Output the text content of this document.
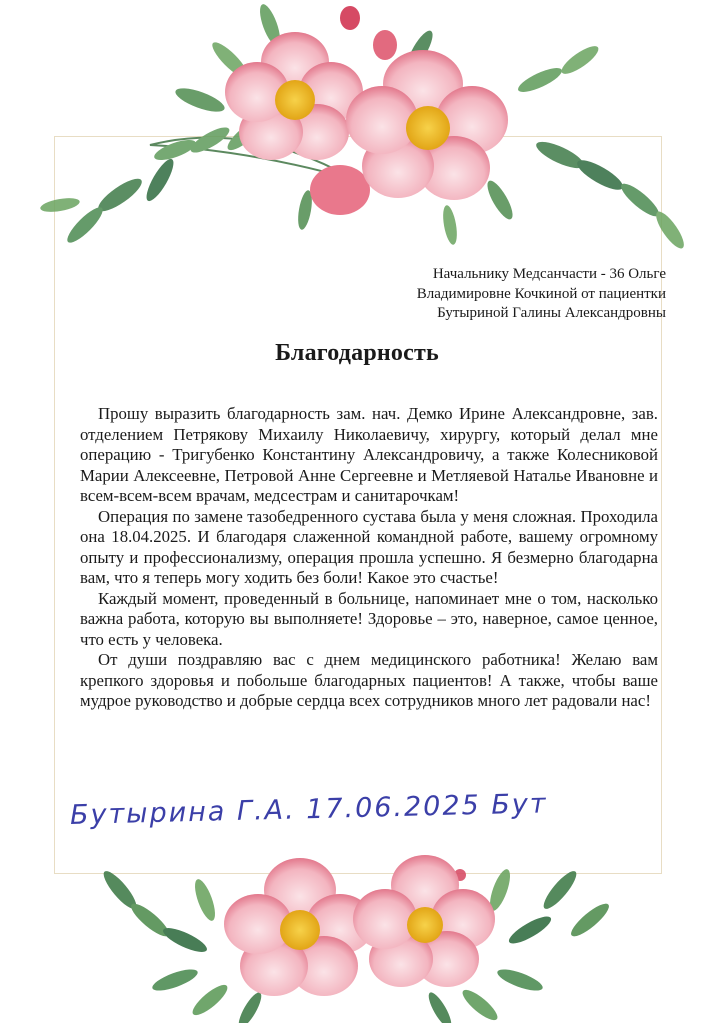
Начальнику Медсанчасти - 36 Ольге
Владимировне Кочкиной от пациентки
Бутыриной Галины Александровны
Благодарность

Прошу выразить благодарность зам. нач. Демко Ирине Александровне, зав. отделением Петрякову Михаилу Николаевичу, хирургу, который делал мне операцию - Тригубенко Константину Александровичу, а также Колесниковой Марии Алексеевне, Петровой Анне Сергеевне и Метляевой Наталье Ивановне и всем-всем-всем врачам, медсестрам и санитарочкам!

Операция по замене тазобедренного сустава была у меня сложная. Проходила она 18.04.2025. И благодаря слаженной командной работе, вашему огромному опыту и профессионализму, операция прошла успешно. Я безмерно благодарна вам, что я теперь могу ходить без боли! Какое это счастье!

Каждый момент, проведенный в больнице, напоминает мне о том, насколько важна работа, которую вы выполняете! Здоровье – это, наверное, самое ценное, что есть у человека.

От души поздравляю вас с днем медицинского работника! Желаю вам крепкого здоровья и побольше благодарных пациентов! А также, чтобы ваше мудрое руководство и добрые сердца всех сотрудников много лет радовали нас!

Бутырина Г.А. 17.06.2025 Бут
